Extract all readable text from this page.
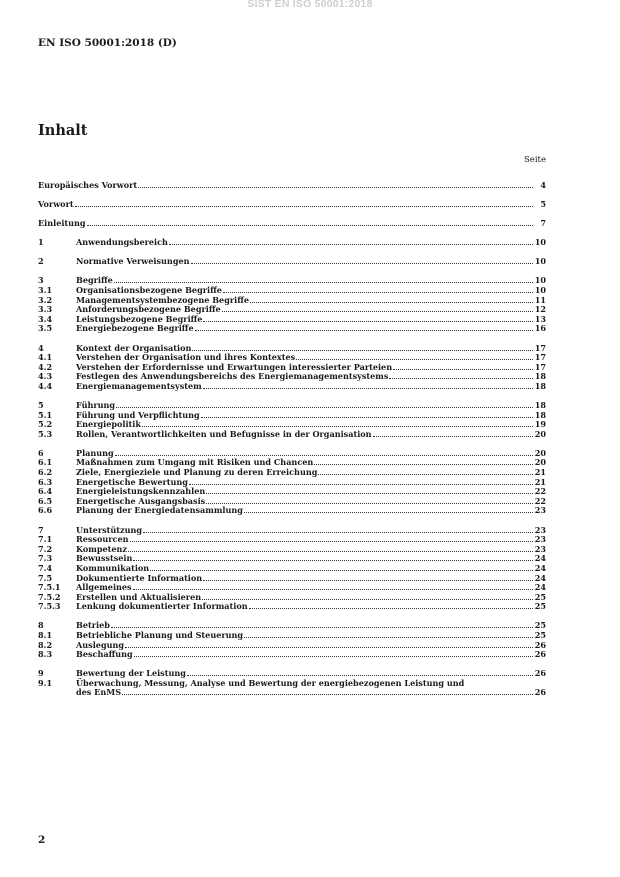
SIST EN ISO 50001:2018
EN ISO 50001:2018 (D)
Inhalt
Seite
Europäisches Vorwort	4
Vorwort	5
Einleitung	7
1	Anwendungsbereich	10
2	Normative Verweisungen	10
3	Begriffe	10
3.1	Organisationsbezogene Begriffe	10
3.2	Managementsystembezogene Begriffe	11
3.3	Anforderungsbezogene Begriffe	12
3.4	Leistungsbezogene Begriffe	13
3.5	Energiebezogene Begriffe	16
4	Kontext der Organisation	17
4.1	Verstehen der Organisation und ihres Kontextes	17
4.2	Verstehen der Erfordernisse und Erwartungen interessierter Parteien	17
4.3	Festlegen des Anwendungsbereichs des Energiemanagementsystems	18
4.4	Energiemanagementsystem	18
5	Führung	18
5.1	Führung und Verpflichtung	18
5.2	Energiepolitik	19
5.3	Rollen, Verantwortlichkeiten und Befugnisse in der Organisation	20
6	Planung	20
6.1	Maßnahmen zum Umgang mit Risiken und Chancen	20
6.2	Ziele, Energieziele und Planung zu deren Erreichung	21
6.3	Energetische Bewertung	21
6.4	Energieleistungskennzahlen	22
6.5	Energetische Ausgangsbasis	22
6.6	Planung der Energiedatensammlung	23
7	Unterstützung	23
7.1	Ressourcen	23
7.2	Kompetenz	23
7.3	Bewusstsein	24
7.4	Kommunikation	24
7.5	Dokumentierte Information	24
7.5.1	Allgemeines	24
7.5.2	Erstellen und Aktualisieren	25
7.5.3	Lenkung dokumentierter Information	25
8	Betrieb	25
8.1	Betriebliche Planung und Steuerung	25
8.2	Auslegung	26
8.3	Beschaffung	26
9	Bewertung der Leistung	26
9.1	Überwachung, Messung, Analyse und Bewertung der energiebezogenen Leistung und
des EnMS	26
2
